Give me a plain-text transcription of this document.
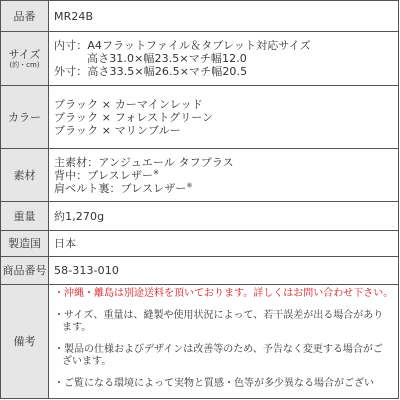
品番 MR24B
サイズ
(約・cm)
内寸：A4フラットファイル＆タブレット対応サイズ
高さ31.0×幅23.5×マチ幅12.0
外寸：高さ33.5×幅26.5×マチ幅20.5
カラー
ブラック × カーマインレッド
ブラック × フォレストグリーン
ブラック × マリンブルー
素材
主素材：アンジュエール タフプラス
背中：ブレスレザー※
肩ベルト裏：ブレスレザー※
重量 約1,270g
製造国 日本
商品番号 58-313-010
備考
・沖縄・離島は別途送料を頂いております。詳しくはお問い合わせ下さい。
・サイズ、重量は、縫製や使用状況によって、若干誤差が出る場合があり
ます。
・製品の仕様およびデザインは改善等のため、予告なく変更する場合がご
ざいます。
・ご覧になる環境によって実物と質感・色等が多少異なる場合がござい
